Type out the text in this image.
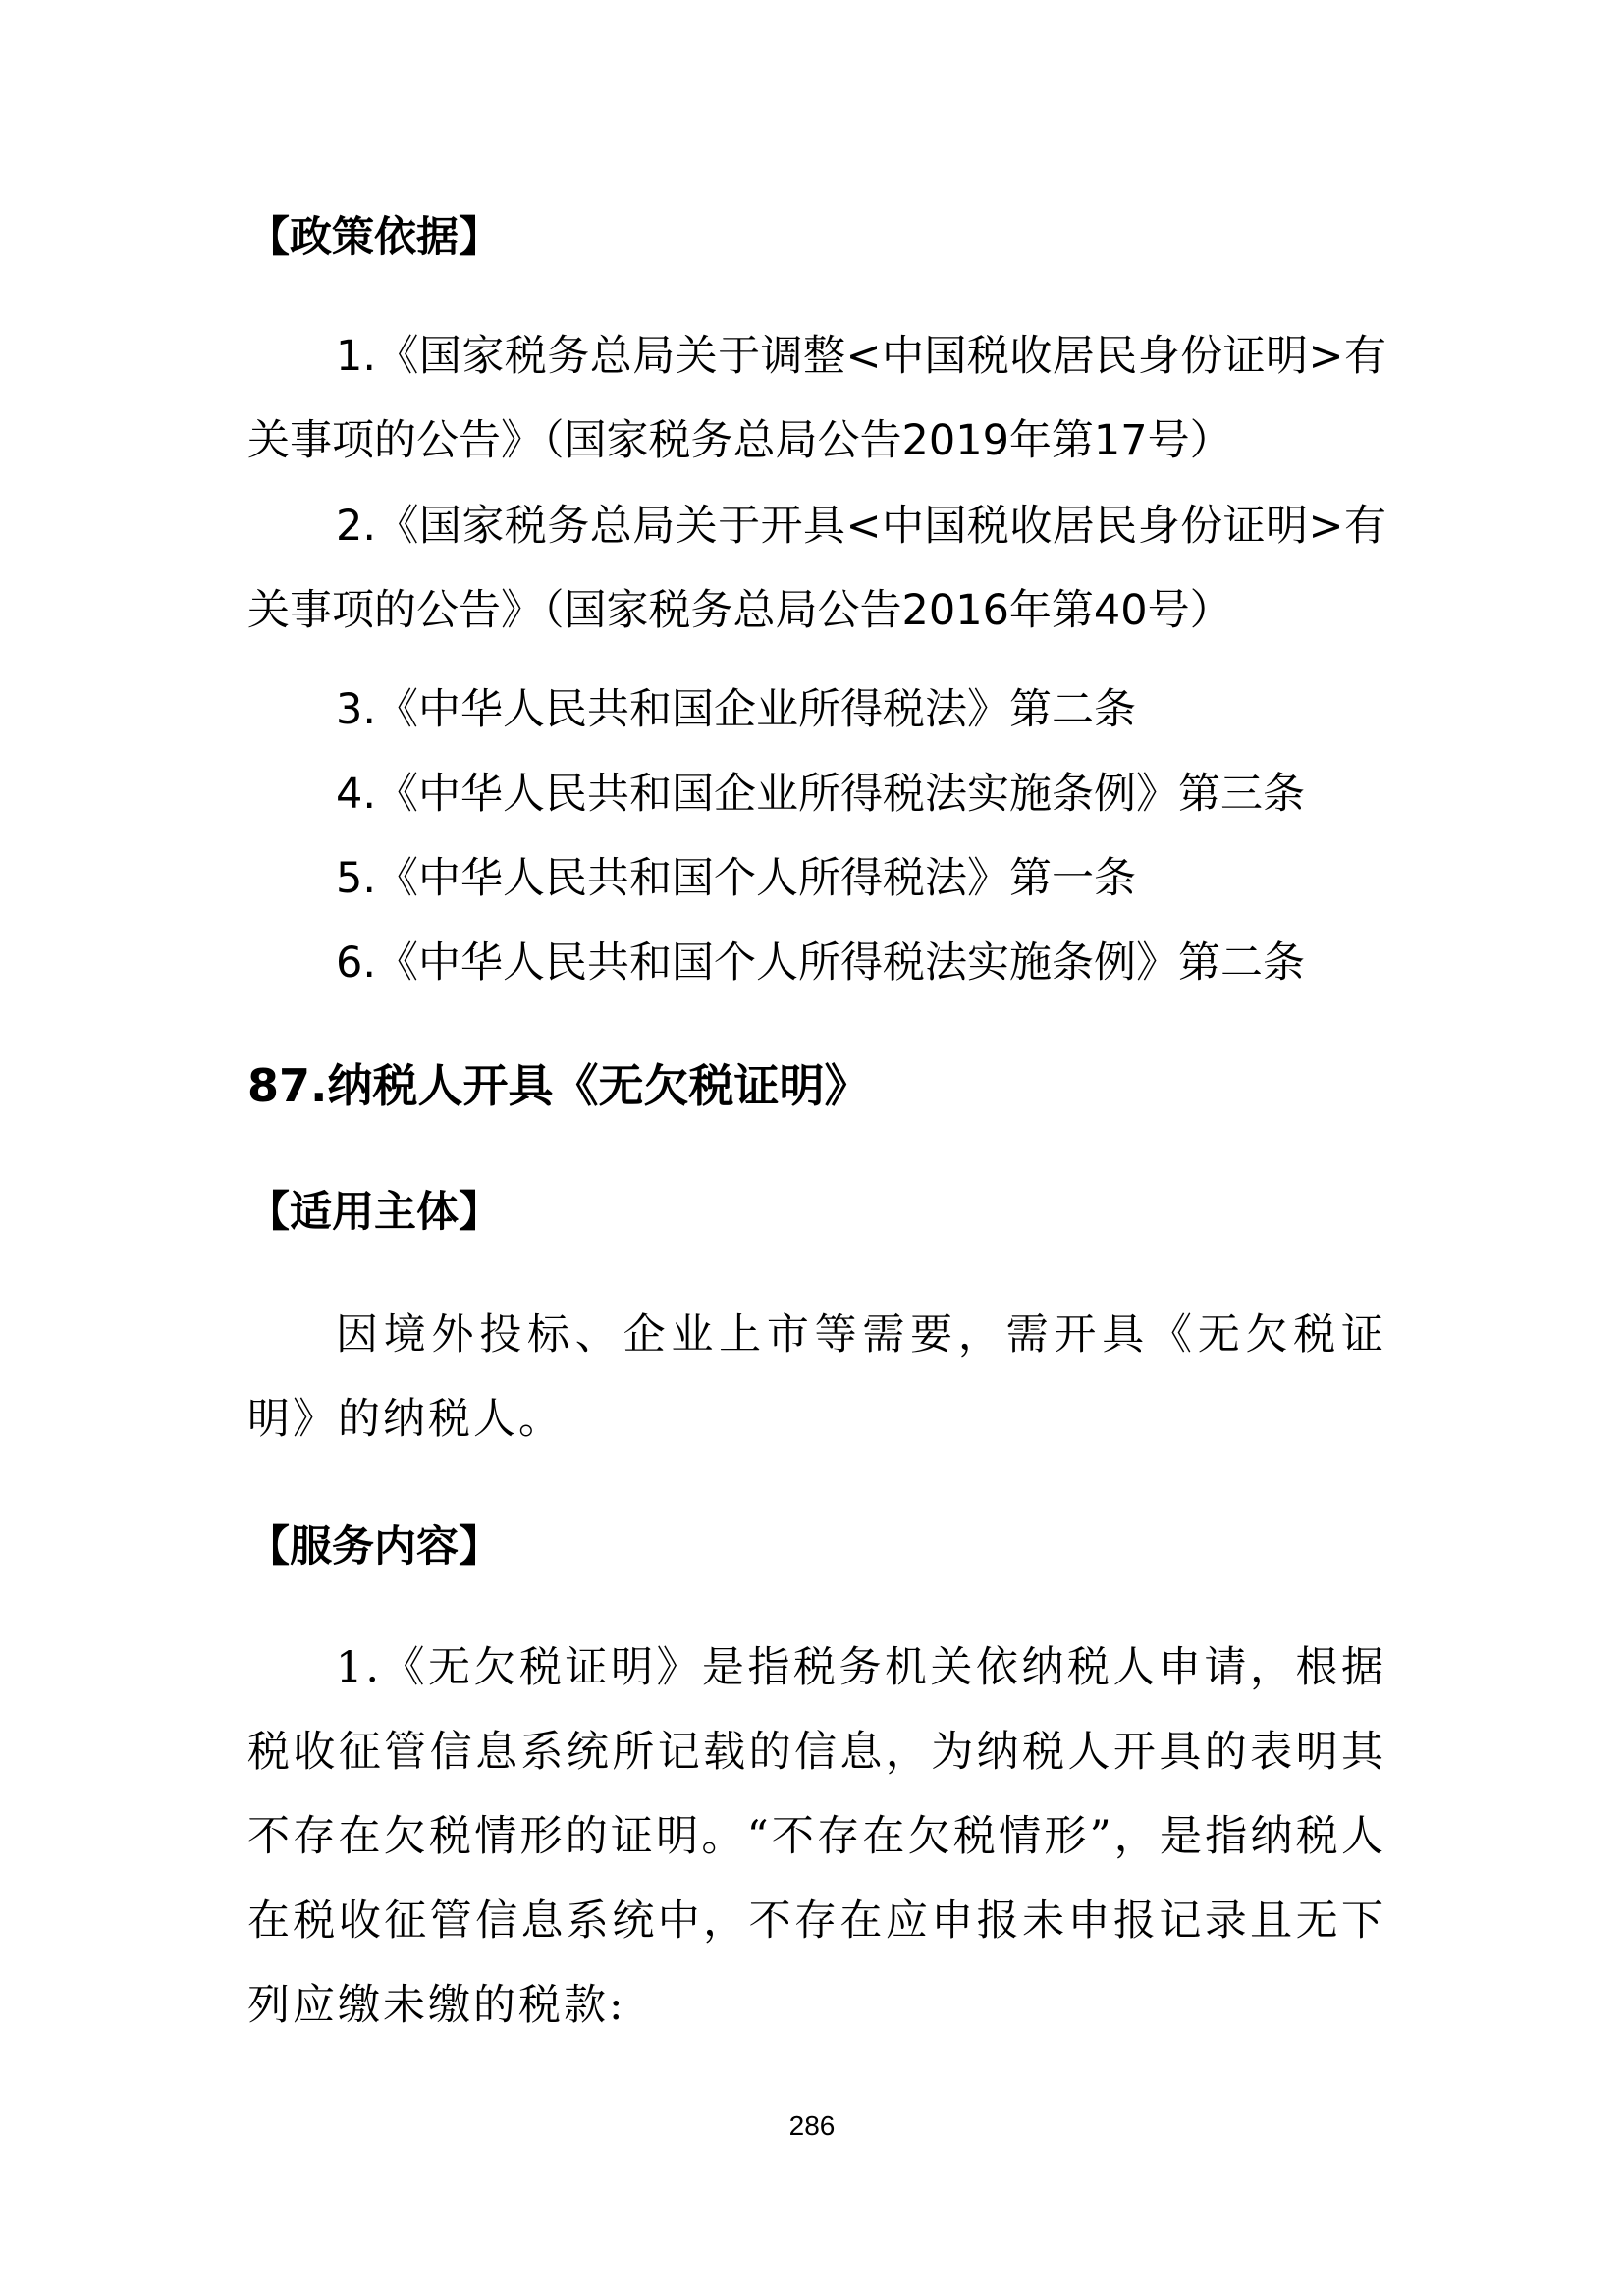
【政策依据】
1.《国家税务总局关于调整<中国税收居民身份证明>有关事项的公告》（国家税务总局公告2019年第17号）
2.《国家税务总局关于开具<中国税收居民身份证明>有关事项的公告》（国家税务总局公告2016年第40号）
3.《中华人民共和国企业所得税法》第二条
4.《中华人民共和国企业所得税法实施条例》第三条
5.《中华人民共和国个人所得税法》第一条
6.《中华人民共和国个人所得税法实施条例》第二条
87.纳税人开具《无欠税证明》
【适用主体】
因境外投标、企业上市等需要，需开具《无欠税证明》的纳税人。
【服务内容】
1.《无欠税证明》是指税务机关依纳税人申请，根据税收征管信息系统所记载的信息，为纳税人开具的表明其不存在欠税情形的证明。“不存在欠税情形”，是指纳税人在税收征管信息系统中，不存在应申报未申报记录且无下列应缴未缴的税款:
286
